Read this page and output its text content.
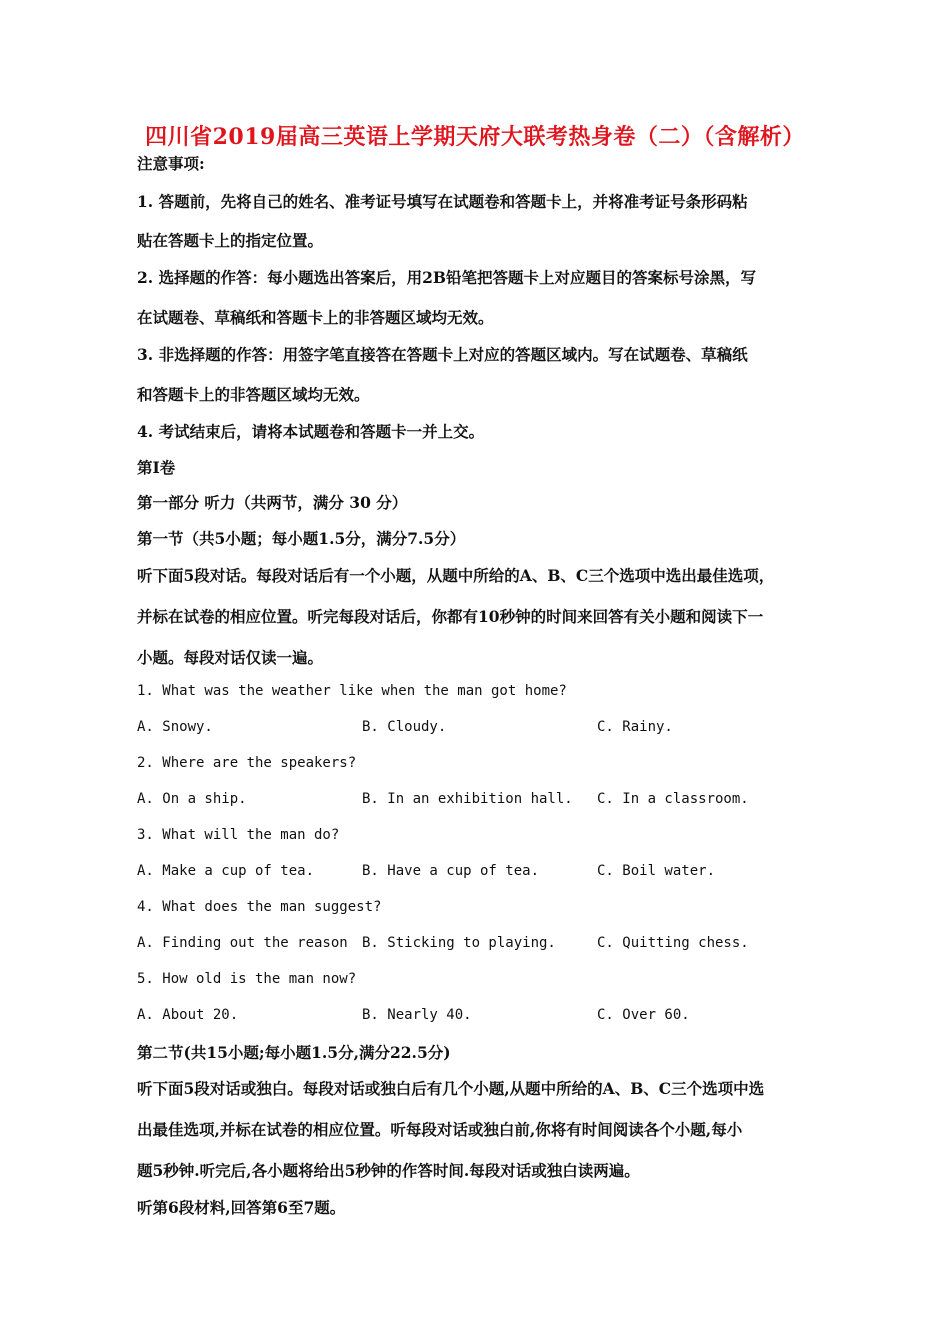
四川省2019届高三英语上学期天府大联考热身卷（二）（含解析）
注意事项:
1. 答题前，先将自己的姓名、准考证号填写在试题卷和答题卡上，并将准考证号条形码粘
贴在答题卡上的指定位置。
2. 选择题的作答：每小题选出答案后，用2B铅笔把答题卡上对应题目的答案标号涂黑，写
在试题卷、草稿纸和答题卡上的非答题区域均无效。
3. 非选择题的作答：用签字笔直接答在答题卡上对应的答题区域内。写在试题卷、草稿纸
和答题卡上的非答题区域均无效。
4. 考试结束后，请将本试题卷和答题卡一并上交。
第Ⅰ卷
第一部分 听力（共两节，满分 30 分）
第一节（共5小题；每小题1.5分，满分7.5分）
听下面5段对话。每段对话后有一个小题，从题中所给的A、B、C三个选项中选出最佳选项，
并标在试卷的相应位置。听完每段对话后，你都有10秒钟的时间来回答有关小题和阅读下一
小题。每段对话仅读一遍。
1. What was the weather like when the man got home?
A. Snowy.	B. Cloudy.	C. Rainy.
2. Where are the speakers?
A. On a ship.	B. In an exhibition hall. C. In a classroom.
3. What will the man do?
A. Make a cup of tea.	B. Have a cup of tea.	C. Boil water.
4. What does the man suggest?
A. Finding out the reason B. Sticking to playing.	C. Quitting chess.
5. How old is the man now?
A. About 20.	B. Nearly 40.	C. Over 60.
第二节(共15小题;每小题1.5分,满分22.5分)
听下面5段对话或独白。每段对话或独白后有几个小题,从题中所给的A、B、C三个选项中选
出最佳选项,并标在试卷的相应位置。听每段对话或独白前,你将有时间阅读各个小题,每小
题5秒钟.听完后,各小题将给出5秒钟的作答时间.每段对话或独白读两遍。
听第6段材料,回答第6至7题。
